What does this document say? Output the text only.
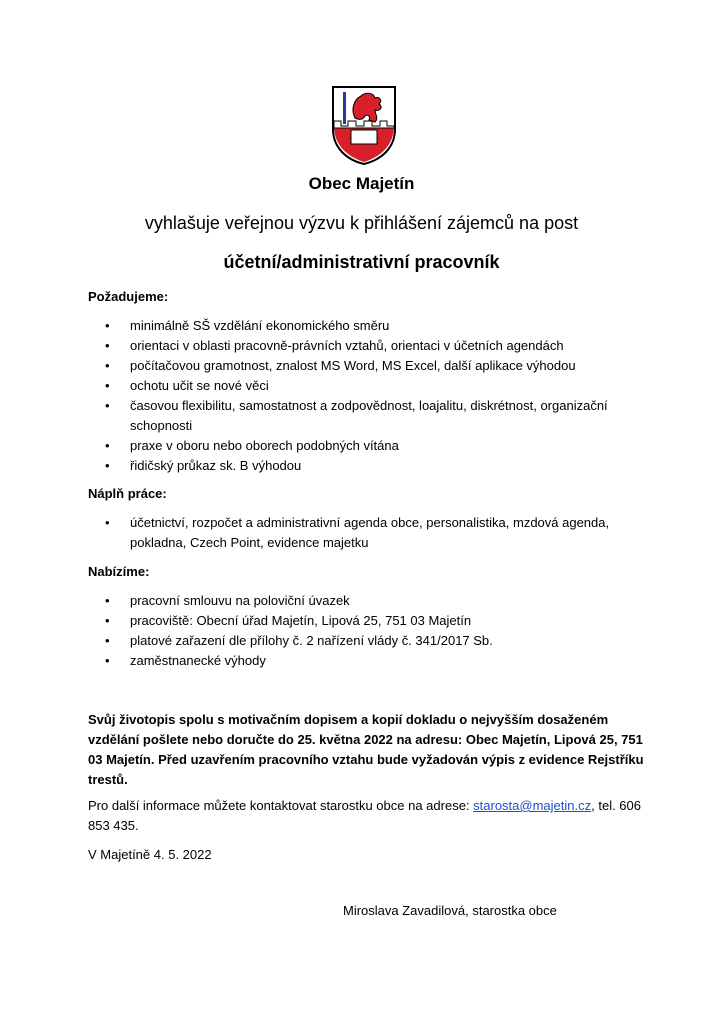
Obec Majetín
vyhlašuje veřejnou výzvu k přihlášení zájemců na post
účetní/administrativní pracovník
Požadujeme:
• minimálně SŠ vzdělání ekonomického směru
• orientaci v oblasti pracovně-právních vztahů, orientaci v účetních agendách
• počítačovou gramotnost, znalost MS Word, MS Excel, další aplikace výhodou
• ochotu učit se nové věci
• časovou flexibilitu, samostatnost a zodpovědnost, loajalitu, diskrétnost, organizační schopnosti
• praxe v oboru nebo oborech podobných vítána
• řidičský průkaz sk. B výhodou
Náplň práce:
• účetnictví, rozpočet a administrativní agenda obce, personalistika, mzdová agenda, pokladna, Czech Point, evidence majetku
Nabízíme:
• pracovní smlouvu na poloviční úvazek
• pracoviště: Obecní úřad Majetín, Lipová 25, 751 03 Majetín
• platové zařazení dle přílohy č. 2 nařízení vlády č. 341/2017 Sb.
• zaměstnanecké výhody
Svůj životopis spolu s motivačním dopisem a kopií dokladu o nejvyšším dosaženém vzdělání pošlete nebo doručte do 25. května 2022 na adresu: Obec Majetín, Lipová 25, 751 03 Majetín. Před uzavřením pracovního vztahu bude vyžadován výpis z evidence Rejstříku trestů.
Pro další informace můžete kontaktovat starostku obce na adrese: starosta@majetin.cz, tel. 606 853 435.
V Majetíně 4. 5. 2022
Miroslava Zavadilová, starostka obce
